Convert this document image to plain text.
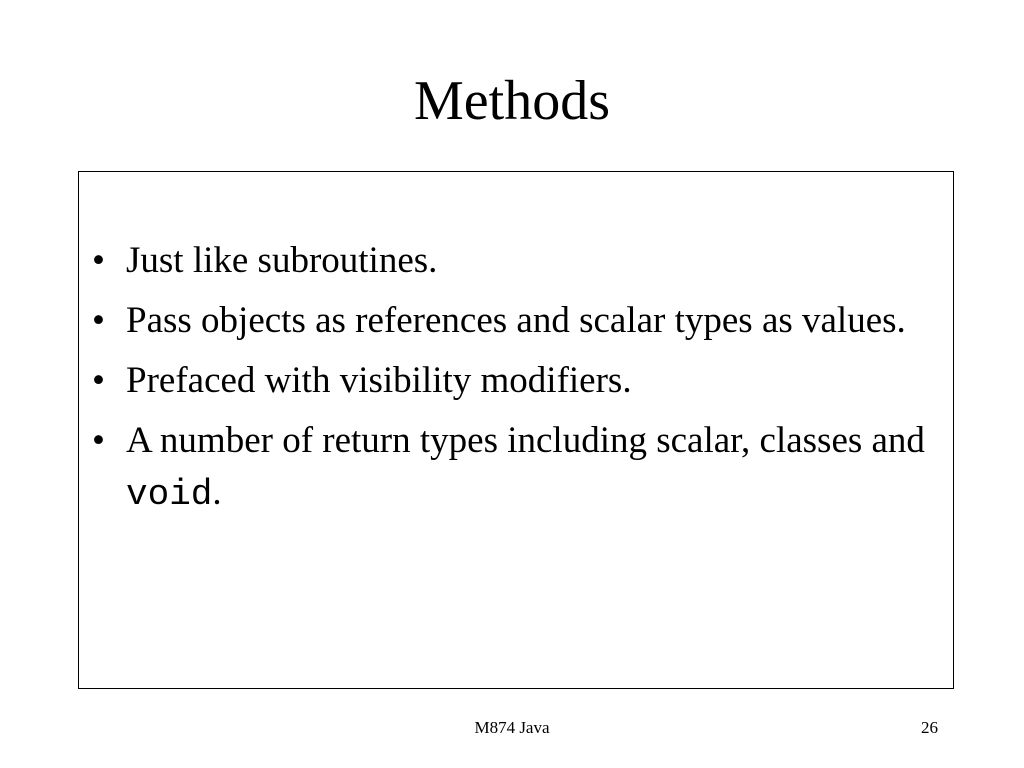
Methods
• Just like subroutines.
• Pass objects as references and scalar types as values.
• Prefaced with visibility modifiers.
• A number of return types including scalar, classes and void.
M874 Java	26
